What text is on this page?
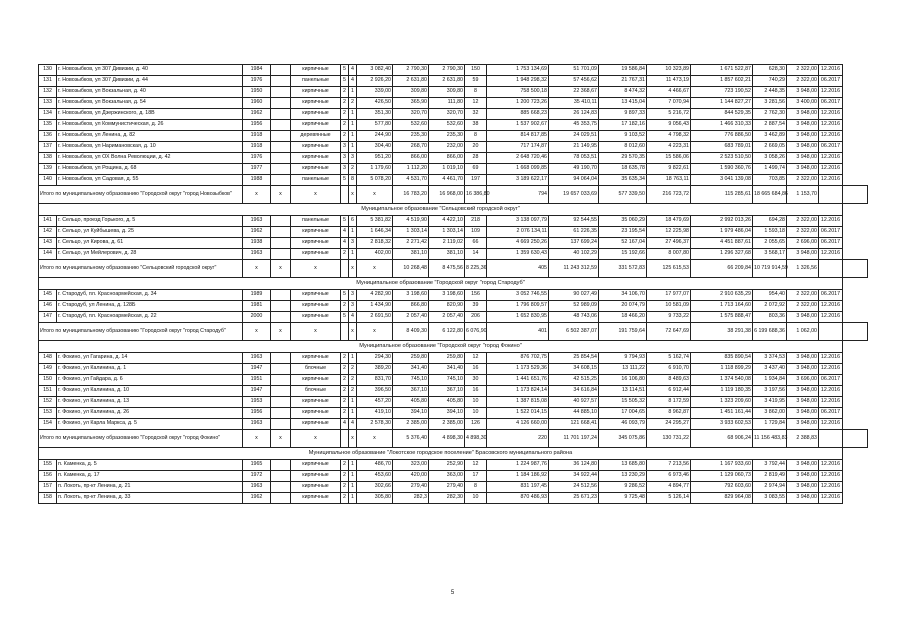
130	г. Новозыбков, ул 307 Дивизии, д. 40	1984		кирпичные	5	4	3 082,40	2 790,30	2 790,30	150	1 753 134,69	51 701,09	19 586,84	10 323,89	1 671 522,87	628,30	2 322,00	12.2016	
131	г. Новозыбков, ул 307 Дивизии, д. 44	1976		панельные	5	4	2 926,20	2 631,80	2 631,80	59	1 948 298,32	57 456,62	21 767,31	11 473,19	1 857 602,21	740,29	2 322,00	06.2017	
132	г. Новозыбков, ул Вокзальная, д. 40	1950		кирпичные	2	1	339,00	309,80	309,80	8	758 500,18	22 368,67	8 474,32	4 466,67	723 190,52	2 448,35	3 948,00	12.2016	
133	г. Новозыбков, ул Вокзальная, д. 54	1960		кирпичные	2	2	426,50	365,90	111,80	12	1 200 723,26	35 410,11	13 415,04	7 070,94	1 144 827,27	3 281,56	3 400,00	06.2017	
134	г. Новозыбков, ул Дзержинского, д. 18В	1962		кирпичные	2	1	351,30	320,70	320,70	32	885 668,23	26 124,83	9 897,33	5 216,72	844 529,35	2 762,30	3 948,00	12.2016	
135	г. Новозыбков, ул Коммунистическая, д. 26	1956		кирпичные	2	1	577,80	532,60	532,60	38	1 537 902,67	45 353,75	17 182,16	9 056,43	1 466 310,33	2 887,54	3 948,00	12.2016	
136	г. Новозыбков, ул Ленина, д. 82	1918		деревянные	2	1	244,90	235,30	235,30	8	814 817,85	24 029,51	9 103,52	4 798,32	776 886,50	3 462,89	3 948,00	12.2016	
137	г. Новозыбков, ул Наримановская, д. 10	1918		кирпичные	3	1	304,40	268,70	232,00	20	717 174,87	21 149,95	8 012,60	4 223,31	683 789,01	2 669,05	3 948,00	06.2017	
138	г. Новозыбков, ул ОХ Волна Революции, д. 42	1976		кирпичные	3	3	951,20	866,00	866,00	28	2 648 720,46	78 053,51	29 570,35	15 586,06	2 523 510,50	3 058,26	3 948,00	12.2016	
139	г. Новозыбков, ул Рощина, д. 68	1977		кирпичные	3	2	1 179,60	1 112,20	1 019,10	69	1 668 099,85	49 190,70	18 635,78	9 822,61	1 590 360,76	1 499,74	3 948,00	12.2016	
140	г. Новозыбков, ул Садовая, д. 55	1988		панельные	5	8	5 078,20	4 531,70	4 461,70	197	3 189 622,17	94 064,04	35 635,34	18 763,11	3 041 139,08	703,85	2 322,00	12.2016	
Итого по муниципальному образованию "Городской округ "город Новозыбков"		x	x	x		x	x	16 783,20	16 968,00	16 386,80	794	19 657 033,69	577 339,50	216 723,72	115 285,61	18 665 684,86	1 153,70		
Муниципальное образование "Сельцовский городской округ"																			
141	г. Сельцо, проезд Горького, д. 5	1963		панельные	5	6	5 381,82	4 519,90	4 422,10	218	3 138 097,79	92 544,55	35 060,29	18 479,69	2 992 013,26	694,28	2 322,00	12.2016	
142	г. Сельцо, ул Куйбышева, д. 25	1962		кирпичные	4	1	1 646,34	1 303,14	1 303,14	109	2 076 134,11	61 226,35	23 195,54	12 225,98	1 979 486,04	1 593,18	2 322,00	06.2017	
143	г. Сельцо, ул Кирова, д. 61	1938		кирпичные	4	3	2 818,32	2 271,42	2 119,02	66	4 669 250,26	137 699,24	52 167,04	27 496,37	4 451 887,61	2 055,65	2 696,00	06.2017	
144	г. Сельцо, ул Мейлерович, д. 28	1963		кирпичные	2	1	402,00	381,10	381,10	14	1 359 630,43	40 102,29	15 192,66	8 007,80	1 296 327,68	3 568,17	3 948,00	12.2016	
Итого по муниципальному образованию "Сельцовский городской округ"		x	x	x		x	x	10 268,48	8 475,56	8 225,36	405	11 243 312,59	331 572,83	125 615,53	66 209,84	10 719 914,59	1 326,56		
Муниципальное образование "Городской округ "город Стародуб"																			
145	г. Стародуб, пл. Красноармейская, д. 34	1989		кирпичные	5	3	4 282,90	3 198,60	3 198,60	156	3 052 746,55	90 027,49	34 106,70	17 977,07	2 910 635,29	954,40	2 322,00	06.2017	
146	г. Стародуб, ул Ленина, д. 128Б	1981		кирпичные	2	3	1 434,90	866,80	820,90	39	1 796 809,57	52 989,09	20 074,79	10 581,09	1 713 164,60	2 072,92	2 322,00	12.2016	
147	г. Стародуб, пл. Красноармейская, д. 22	2000		кирпичные	5	4	2 691,50	2 057,40	2 057,40	206	1 652 830,95	48 743,06	18 466,20	9 733,22	1 575 888,47	803,36	3 948,00	12.2016	
Итого по муниципальному образованию "Городской округ "город Стародуб"		x	x	x		x	x	8 409,30	6 122,80	6 076,90	401	6 502 387,07	191 759,64	72 647,69	38 291,38	6 199 688,36	1 062,00		
Муниципальное образование "Городской округ "город Фокино"																			
148	г. Фокино, ул Гагарина, д. 14	1963		кирпичные	2	1	294,30	259,80	259,80	12	876 702,75	25 854,54	9 794,93	5 162,74	835 890,54	3 374,53	3 948,00	12.2016	
149	г. Фокино, ул Калинина, д. 1	1947		блочные	2	2	389,20	341,40	341,40	16	1 173 529,36	34 608,15	13 111,22	6 910,70	1 118 899,29	3 437,40	3 948,00	12.2016	
150	г. Фокино, ул Гайдара, д. 6	1951		кирпичные	2	2	831,70	745,10	745,10	30	1 441 651,76	42 515,25	16 106,80	8 489,63	1 374 540,08	1 934,84	3 696,00	06.2017	
151	г. Фокино, ул Калинина, д. 10	1947		блочные	2	2	396,50	367,10	367,10	16	1 173 824,14	34 616,84	13 114,51	6 912,44	1 119 180,35	3 197,56	3 948,00	12.2016	
152	г. Фокино, ул Калинина, д. 13	1953		кирпичные	2	1	457,20	405,80	405,80	10	1 387 815,08	40 927,57	15 505,32	8 172,59	1 323 209,60	3 419,95	3 948,00	12.2016	
153	г. Фокино, ул Калинина, д. 26	1956		кирпичные	2	1	419,10	394,10	394,10	10	1 522 014,15	44 885,10	17 004,65	8 962,87	1 451 161,44	3 862,00	3 948,00	06.2017	
154	г. Фокино, ул Карла Маркса, д. 5	1963		кирпичные	4	4	2 578,30	2 385,00	2 385,00	126	4 126 660,00	121 668,41	46 093,79	24 295,27	3 933 602,53	1 729,84	3 948,00	12.2016	
Итого по муниципальному образованию "Городской округ "город Фокино"		x	x	x		x	x	5 376,40	4 898,30	4 898,30	220	11 701 197,24	345 075,86	130 731,22	68 906,24	11 156 483,83	2 388,83		
Муниципальное образование "Локотское городское поселение" Брасовского муниципального района																			
155	п. Каменка, д. 5	1965		кирпичные	2	1	486,70	323,00	252,90	12	1 224 987,76	36 124,80	13 685,80	7 213,56	1 167 933,60	3 792,44	3 948,00	12.2016	
156	п. Каменка, д. 17	1972		кирпичные	2	1	453,60	420,00	363,00	17	1 184 186,92	34 922,44	13 230,29	6 973,46	1 129 060,73	2 819,49	3 948,00	12.2016	
157	п. Локоть, пр-кт Ленина, д. 21	1963		кирпичные	2	1	302,66	279,40	279,40	8	831 197,45	24 512,56	9 286,52	4 894,77	792 603,60	2 974,94	3 948,00	12.2016	
158	п. Локоть, пр-кт Ленина, д. 33	1962		кирпичные	2	1	305,80	282,3	282,30	10	870 486,93	25 671,23	9 725,48	5 126,14	829 964,08	3 083,55	3 948,00	12.2016	
5
